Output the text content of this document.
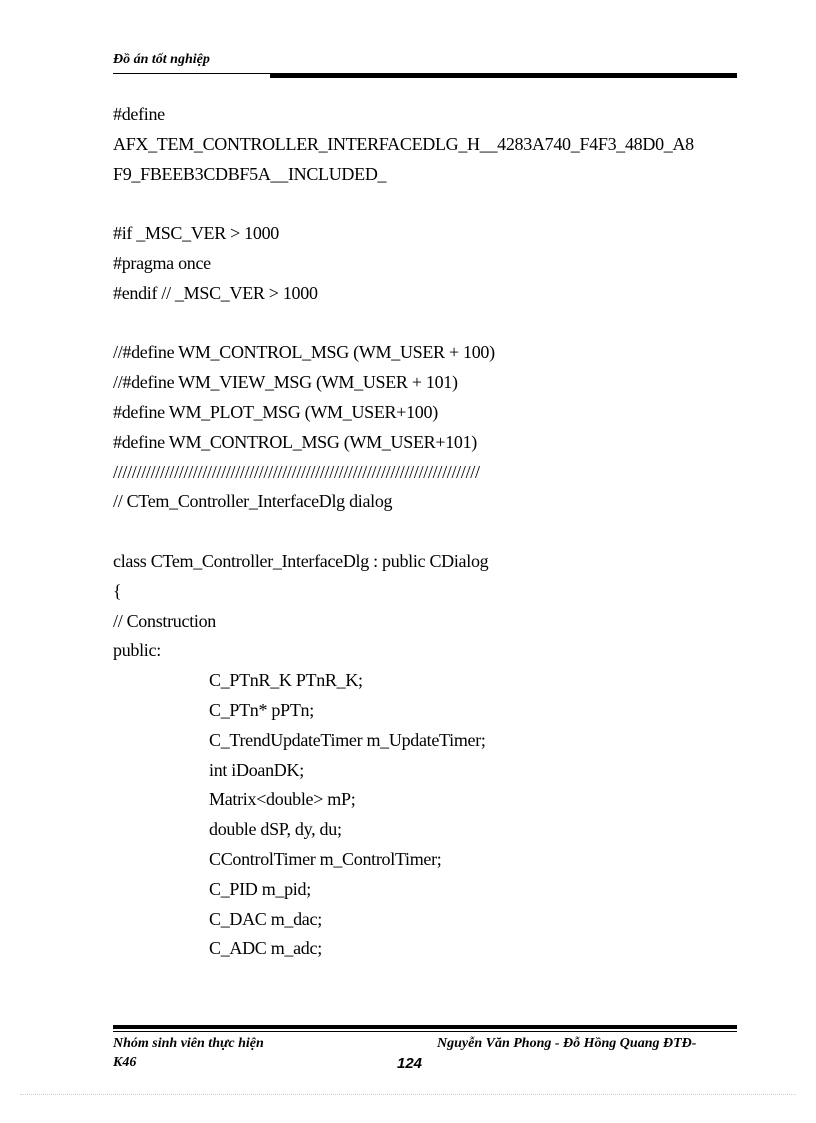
Đồ án tốt nghiệp
#define
AFX_TEM_CONTROLLER_INTERFACEDLG_H__4283A740_F4F3_48D0_A8
F9_FBEEB3CDBF5A__INCLUDED_
#if _MSC_VER > 1000
#pragma once
#endif // _MSC_VER > 1000
//#define WM_CONTROL_MSG (WM_USER + 100)
//#define WM_VIEW_MSG (WM_USER + 101)
#define WM_PLOT_MSG (WM_USER+100)
#define WM_CONTROL_MSG (WM_USER+101)
//////////////////////////////////////////////////////////////////////////////
// CTem_Controller_InterfaceDlg dialog
class CTem_Controller_InterfaceDlg : public CDialog
{
// Construction
public:
C_PTnR_K PTnR_K;
C_PTn* pPTn;
C_TrendUpdateTimer m_UpdateTimer;
int iDoanDK;
Matrix<double> mP;
double dSP, dy, du;
CControlTimer m_ControlTimer;
C_PID m_pid;
C_DAC m_dac;
C_ADC m_adc;
Nhóm sinh viên thực hiện
K46
Nguyễn Văn Phong - Đỗ Hồng Quang ĐTĐ-
124
